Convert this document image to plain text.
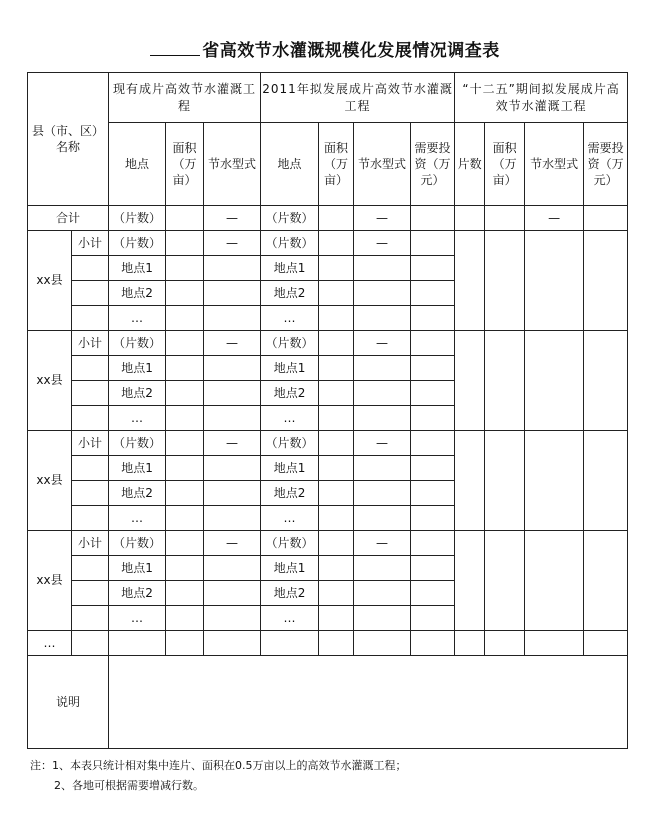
省高效节水灌溉规模化发展情况调查表
县（市、区）名称		现有成片高效节水灌溉工程			2011年拟发展成片高效节水灌溉工程				“十二五”期间拟发展成片高效节水灌溉工程			
		地点	面积（万亩）	节水型式	地点	面积（万亩）	节水型式	需要投资（万元）	片数	面积（万亩）	节水型式	需要投资（万元）
合计		（片数）		—	（片数）		—				—	
xx县	小计	（片数）		—	（片数）		—					
		地点1			地点1							
		地点2			地点2							
		…			…							
xx县	小计	（片数）		—	（片数）		—					
		地点1			地点1							
		地点2			地点2							
		…			…							
xx县	小计	（片数）		—	（片数）		—					
		地点1			地点1							
		地点2			地点2							
		…			…							
xx县	小计	（片数）		—	（片数）		—					
		地点1			地点1							
		地点2			地点2							
		…			…							
…												
说明												
注：1、本表只统计相对集中连片、面积在0.5万亩以上的高效节水灌溉工程；
2、各地可根据需要增减行数。
